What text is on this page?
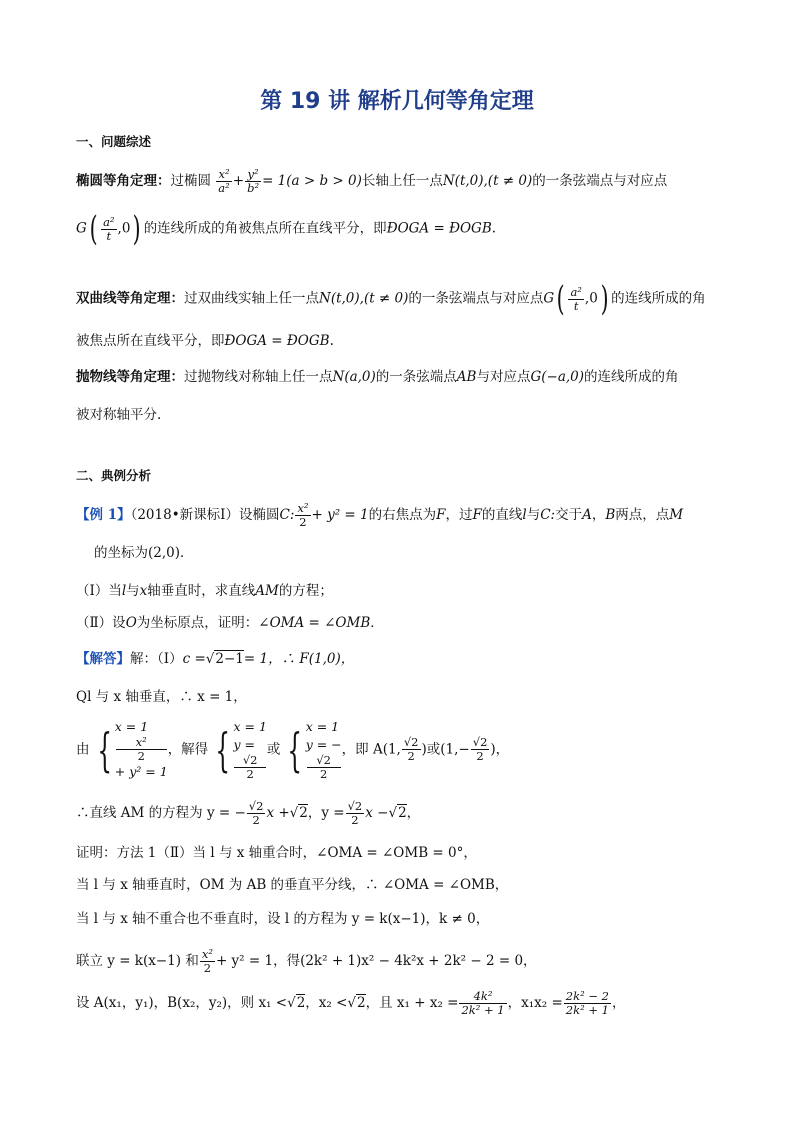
第 19 讲 解析几何等角定理
一、问题综述
椭圆等角定理：过椭圆 $\frac{\text{x²}}{\text{a²}} + \frac{\text{y²}}{\text{b²}} = 1(a > b > 0)$长轴上任一点N(t,0),(t ≠ 0)的一条弦端点与对应点
$G( \frac{\text{a²}}{t} ,0)$ 的连线所成的角被焦点所在直线平分，即ÐOGA = ÐOGB.
双曲线等角定理：过双曲线实轴上任一点N(t,0),(t ≠ 0)的一条弦端点与对应点$G( \frac{\text{a²}}{t} ,0)$ 的连线所成的角
被焦点所在直线平分，即ÐOGA = ÐOGB.
抛物线等角定理：过抛物线对称轴上任一点N(a,0)的一条弦端点AB与对应点G(−a,0)的连线所成的角
被对称轴平分.
二、典例分析
【例 1】（2018•新课标Ⅰ）设椭圆C: $\frac{\text{x²}}{2} + y^2 = 1$的右焦点为F，过F的直线l与C:交于A，B两点，点M
的坐标为(2,0)．
（Ⅰ）当l与x轴垂直时，求直线AM的方程；
（Ⅱ）设O为坐标原点，证明：∠OMA = ∠OMB．
【解答】解：（Ⅰ）c =√2−1= 1，∴ F(1,0)，
Ql 与 x 轴垂直，∴ x = 1，
由 { x = 1
x²
2
+ y² = 1
，解得 { x = 1
y =
√2
2
或 { x = 1
y = −
√2
2
，即 A(1, $\frac{√2}{2}$ )或($1,- \frac{√2}{2}$ )，
∴直线 AM 的方程为 y = − $\frac{√2}{2}$ x +√2，$y = \frac{√2}{2}$ x −√2，
证明：方法 1（Ⅱ）当 l 与 x 轴重合时，∠OMA = ∠OMB = 0°，
当 l 与 x 轴垂直时，OM 为 AB 的垂直平分线，∴ ∠OMA = ∠OMB，
当 l 与 x 轴不重合也不垂直时，设 l 的方程为 y = k(x−1)，k ≠ 0，
联立 y = k(x−1) 和 $\frac{\text{x²}}{2} + y^2 = 1$，得(2k² + 1)x² − 4k²x + 2k² − 2 = 0，
设 A(x₁，y₁)，B(x₂，y₂)，则 x₁ <√2，x₂ <√2，且 $x_1 + x_2 = \frac{\text{4k²}}{\text{2k² + 1}}$ ，$x_1x_2 = \frac{\text{2k² − 2}}{\text{2k² + 1}}$ ，
